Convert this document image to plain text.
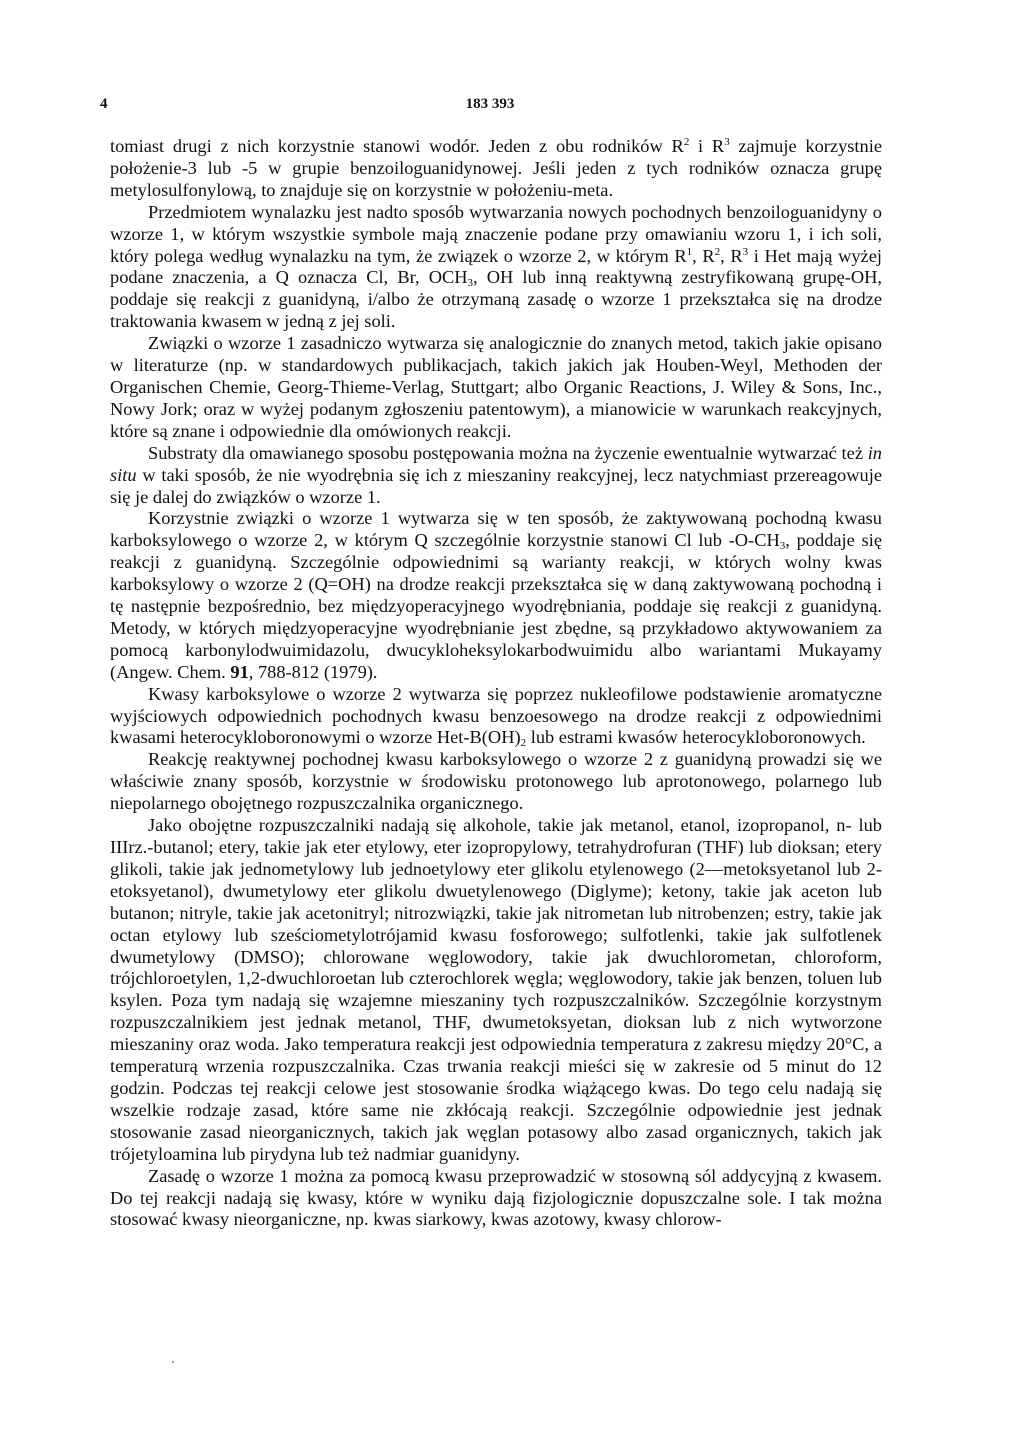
4	183 393

tomiast drugi z nich korzystnie stanowi wodór. Jeden z obu rodników $R^2$ i $R^3$ zajmuje korzystnie położenie-3 lub -5 w grupie benzoiloguanidynowej. Jeśli jeden z tych rodników oznacza grupę metylosulfonylową, to znajduje się on korzystnie w położeniu-meta.

Przedmiotem wynalazku jest nadto sposób wytwarzania nowych pochodnych benzoiloguanidyny o wzorze 1, w którym wszystkie symbole mają znaczenie podane przy omawianiu wzoru 1, i ich soli, który polega według wynalazku na tym, że związek o wzorze 2, w którym $R^1$, $R^2$, $R^3$ i Het mają wyżej podane znaczenia, a Q oznacza Cl, Br, $OCH_3$, OH lub inną reaktywną zestryfikowaną grupę-OH, poddaje się reakcji z guanidyną, i/albo że otrzymaną zasadę o wzorze 1 przekształca się na drodze traktowania kwasem w jedną z jej soli.

Związki o wzorze 1 zasadniczo wytwarza się analogicznie do znanych metod, takich jakie opisano w literaturze (np. w standardowych publikacjach, takich jakich jak Houben-Weyl, Methoden der Organischen Chemie, Georg-Thieme-Verlag, Stuttgart; albo Organic Reactions, J. Wiley & Sons, Inc., Nowy Jork; oraz w wyżej podanym zgłoszeniu patentowym), a mianowicie w warunkach reakcyjnych, które są znane i odpowiednie dla omówionych reakcji.

Substraty dla omawianego sposobu postępowania można na życzenie ewentualnie wytwarzać też in situ w taki sposób, że nie wyodrębnia się ich z mieszaniny reakcyjnej, lecz natychmiast przereagowuje się je dalej do związków o wzorze 1.

Korzystnie związki o wzorze 1 wytwarza się w ten sposób, że zaktywowaną pochodną kwasu karboksylowego o wzorze 2, w którym Q szczególnie korzystnie stanowi Cl lub $-O-CH_3$, poddaje się reakcji z guanidyną. Szczególnie odpowiednimi są warianty reakcji, w których wolny kwas karboksylowy o wzorze 2 (Q=OH) na drodze reakcji przekształca się w daną zaktywowaną pochodną i tę następnie bezpośrednio, bez międzyoperacyjnego wyodrębniania, poddaje się reakcji z guanidyną. Metody, w których międzyoperacyjne wyodrębnianie jest zbędne, są przykładowo aktywowaniem za pomocą karbonylodwuimidazolu, dwucykloheksylokarbodwuimidu albo wariantami Mukayamy (Angew. Chem. 91, 788-812 (1979).

Kwasy karboksylowe o wzorze 2 wytwarza się poprzez nukleofilowe podstawienie aromatyczne wyjściowych odpowiednich pochodnych kwasu benzoesowego na drodze reakcji z odpowiednimi kwasami heterocykloboronowymi o wzorze Het-$B(OH)_2$ lub estrami kwasów heterocykloboronowych.

Reakcję reaktywnej pochodnej kwasu karboksylowego o wzorze 2 z guanidyną prowadzi się we właściwie znany sposób, korzystnie w środowisku protonowego lub aprotonowego, polarnego lub niepolarnego obojętnego rozpuszczalnika organicznego.

Jako obojętne rozpuszczalniki nadają się alkohole, takie jak metanol, etanol, izopropanol, n- lub IIIrz.-butanol; etery, takie jak eter etylowy, eter izopropylowy, tetrahydrofuran (THF) lub dioksan; etery glikoli, takie jak jednometylowy lub jednoetylowy eter glikolu etylenowego (2—metoksyetanol lub 2-etoksyetanol), dwumetylowy eter glikolu dwuetylenowego (Diglyme); ketony, takie jak aceton lub butanon; nitryle, takie jak acetonitryl; nitrozwiązki, takie jak nitrometan lub nitrobenzen; estry, takie jak octan etylowy lub sześciometylotrójamid kwasu fosforowego; sulfotlenki, takie jak sulfotlenek dwumetylowy (DMSO); chlorowane węglowodory, takie jak dwuchlorometan, chloroform, trójchloroetylen, 1,2-dwuchloroetan lub czterochlorek węgla; węglowodory, takie jak benzen, toluen lub ksylen. Poza tym nadają się wzajemne mieszaniny tych rozpuszczalników. Szczególnie korzystnym rozpuszczalnikiem jest jednak metanol, THF, dwumetoksyetan, dioksan lub z nich wytworzone mieszaniny oraz woda. Jako temperatura reakcji jest odpowiednia temperatura z zakresu między 20°C, a temperaturą wrzenia rozpuszczalnika. Czas trwania reakcji mieści się w zakresie od 5 minut do 12 godzin. Podczas tej reakcji celowe jest stosowanie środka wiążącego kwas. Do tego celu nadają się wszelkie rodzaje zasad, które same nie zkłócają reakcji. Szczególnie odpowiednie jest jednak stosowanie zasad nieorganicznych, takich jak węglan potasowy albo zasad organicznych, takich jak trójetyloamina lub pirydyna lub też nadmiar guanidyny.

Zasadę o wzorze 1 można za pomocą kwasu przeprowadzić w stosowną sól addycyjną z kwasem. Do tej reakcji nadają się kwasy, które w wyniku dają fizjologicznie dopuszczalne sole. I tak można stosować kwasy nieorganiczne, np. kwas siarkowy, kwas azotowy, kwasy chlorow-
